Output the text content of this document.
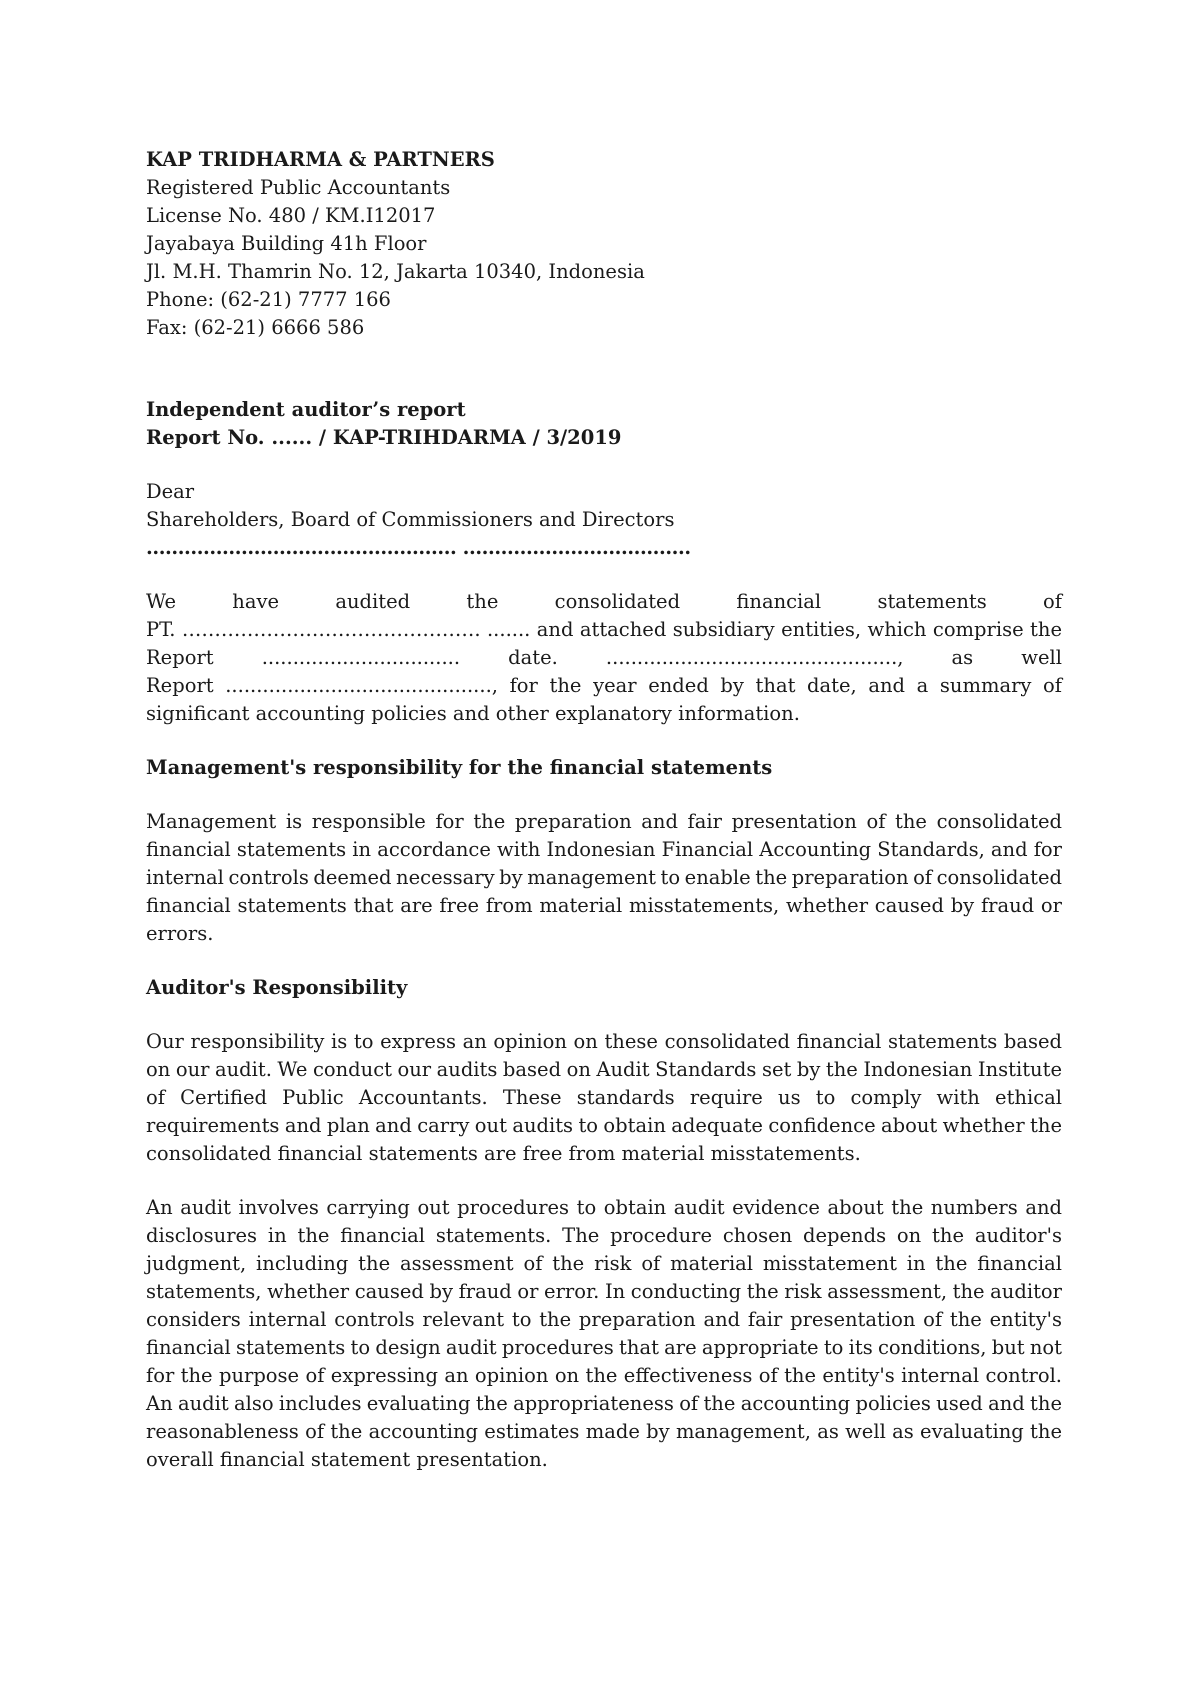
KAP TRIDHARMA & PARTNERS
Registered Public Accountants
License No. 480 / KM.I12017
Jayabaya Building 41h Floor
Jl. M.H. Thamrin No. 12, Jakarta 10340, Indonesia
Phone: (62-21) 7777 166
Fax: (62-21) 6666 586
Independent auditor’s report
Report No. ...... / KAP-TRIHDARMA / 3/2019
Dear
Shareholders, Board of Commissioners and Directors
…………………………………………. ………………………………
We have audited the consolidated financial statements of
PT. ………………………………………. ....... and attached subsidiary entities, which comprise the
Report ................................ date. ..............................................., as well
Report ..........................................., for the year ended by that date, and a summary of
significant accounting policies and other explanatory information.
Management's responsibility for the financial statements
Management is responsible for the preparation and fair presentation of the consolidated
financial statements in accordance with Indonesian Financial Accounting Standards, and for
internal controls deemed necessary by management to enable the preparation of consolidated
financial statements that are free from material misstatements, whether caused by fraud or
errors.
Auditor's Responsibility
Our responsibility is to express an opinion on these consolidated financial statements based
on our audit. We conduct our audits based on Audit Standards set by the Indonesian Institute
of Certified Public Accountants. These standards require us to comply with ethical
requirements and plan and carry out audits to obtain adequate confidence about whether the
consolidated financial statements are free from material misstatements.
An audit involves carrying out procedures to obtain audit evidence about the numbers and
disclosures in the financial statements. The procedure chosen depends on the auditor's
judgment, including the assessment of the risk of material misstatement in the financial
statements, whether caused by fraud or error. In conducting the risk assessment, the auditor
considers internal controls relevant to the preparation and fair presentation of the entity's
financial statements to design audit procedures that are appropriate to its conditions, but not
for the purpose of expressing an opinion on the effectiveness of the entity's internal control.
An audit also includes evaluating the appropriateness of the accounting policies used and the
reasonableness of the accounting estimates made by management, as well as evaluating the
overall financial statement presentation.
